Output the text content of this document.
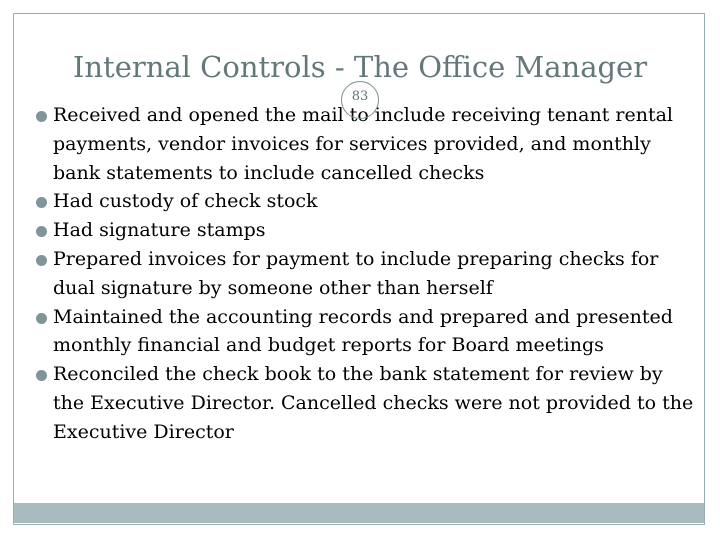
Internal Controls - The Office Manager
Received and opened the mail to include receiving tenant rental payments, vendor invoices for services provided, and monthly bank statements to include cancelled checks
Had custody of check stock
Had signature stamps
Prepared invoices for payment to include preparing checks for dual signature by someone other than herself
Maintained the accounting records and prepared and presented monthly financial and budget reports for Board meetings
Reconciled the check book to the bank statement for review by the Executive Director. Cancelled checks were not provided to the Executive Director
83
